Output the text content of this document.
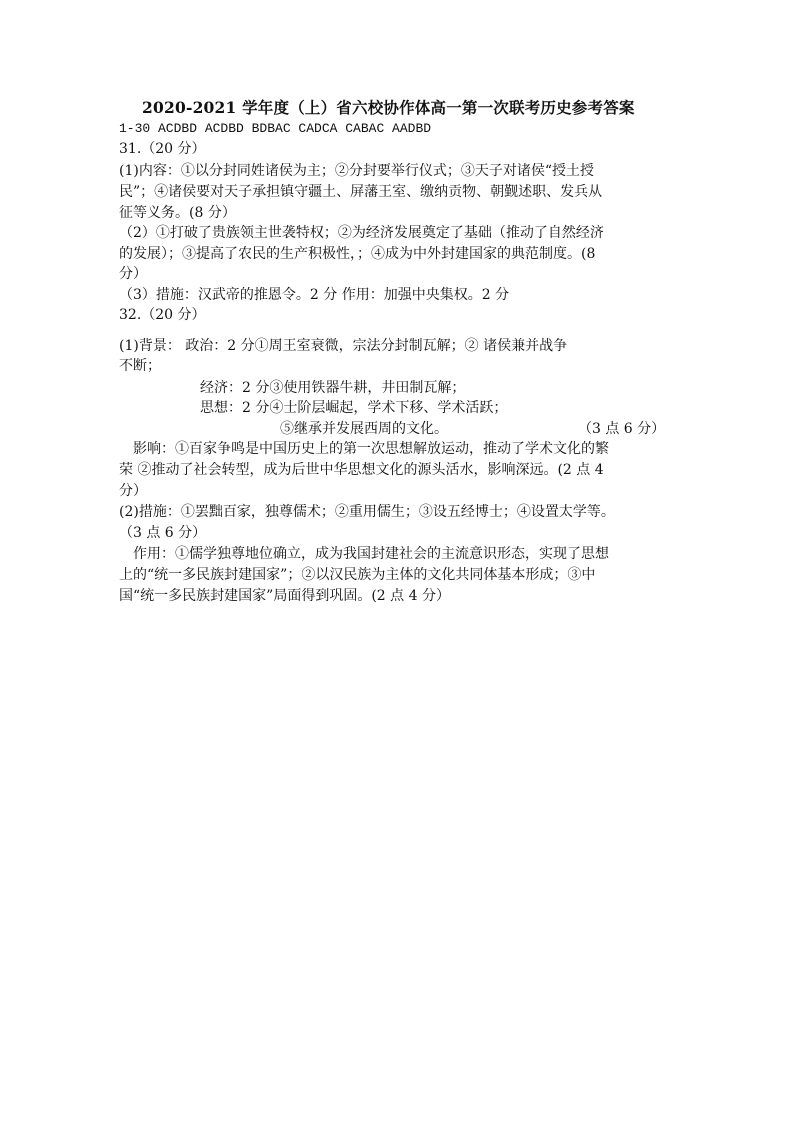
2020-2021 学年度（上）省六校协作体高一第一次联考历史参考答案
1-30 ACDBD ACDBD BDBAC CADCA CABAC AADBD
31.（20 分）
(1)内容：①以分封同姓诸侯为主；②分封要举行仪式；③天子对诸侯“授土授
民”；④诸侯要对天子承担镇守疆土、屏藩王室、缴纳贡物、朝觐述职、发兵从
征等义务。(8 分）
（2）①打破了贵族领主世袭特权；②为经济发展奠定了基础（推动了自然经济
的发展）；③提高了农民的生产积极性，；④成为中外封建国家的典范制度。(8
分）
（3）措施：汉武帝的推恩令。2 分 作用：加强中央集权。2 分
32.（20 分）
(1)背景： 政治：2 分①周王室衰微，宗法分封制瓦解；② 诸侯兼并战争
不断；
经济：2 分③使用铁器牛耕，井田制瓦解；
思想：2 分④士阶层崛起，学术下移、学术活跃；
⑤继承并发展西周的文化。	（3 点 6 分）
影响：①百家争鸣是中国历史上的第一次思想解放运动，推动了学术文化的繁
荣 ②推动了社会转型，成为后世中华思想文化的源头活水，影响深远。(2 点 4
分）
(2)措施：①罢黜百家，独尊儒术；②重用儒生；③设五经博士；④设置太学等。
（3 点 6 分）
作用：①儒学独尊地位确立，成为我国封建社会的主流意识形态，实现了思想
上的“统一多民族封建国家”；②以汉民族为主体的文化共同体基本形成；③中
国“统一多民族封建国家”局面得到巩固。(2 点 4 分）
